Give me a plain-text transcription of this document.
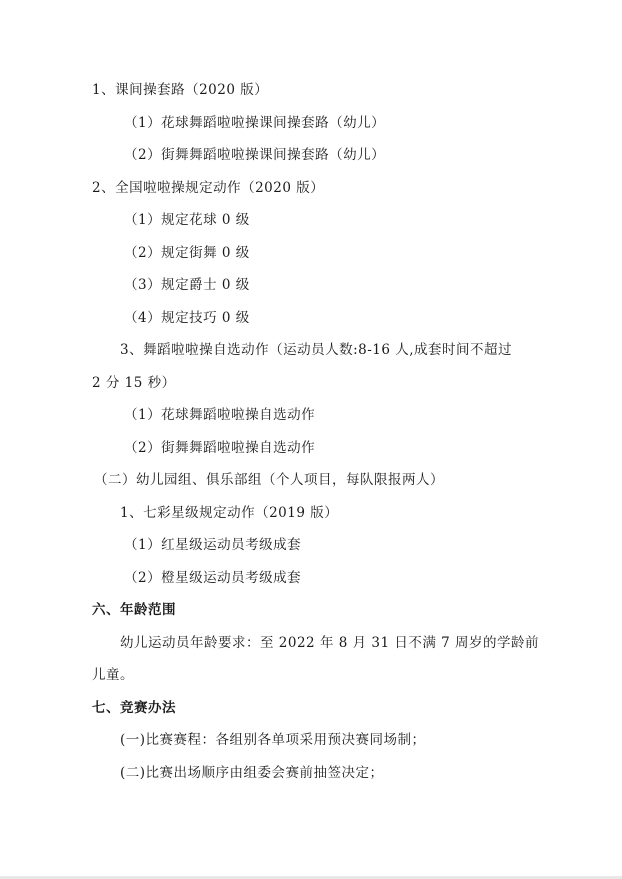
1、课间操套路（2020 版）
（1）花球舞蹈啦啦操课间操套路（幼儿）
（2）街舞舞蹈啦啦操课间操套路（幼儿）
2、全国啦啦操规定动作（2020 版）
（1）规定花球 0 级
（2）规定街舞 0 级
（3）规定爵士 0 级
（4）规定技巧 0 级
3、舞蹈啦啦操自选动作（运动员人数:8-16 人,成套时间不超过
2 分 15 秒）
（1）花球舞蹈啦啦操自选动作
（2）街舞舞蹈啦啦操自选动作
（二）幼儿园组、俱乐部组（个人项目，每队限报两人）
1、七彩星级规定动作（2019 版）
（1）红星级运动员考级成套
（2）橙星级运动员考级成套
六、年龄范围
幼儿运动员年龄要求：至 2022 年 8 月 31 日不满 7 周岁的学龄前
儿童。
七、竞赛办法
(一)比赛赛程：各组别各单项采用预决赛同场制；
(二)比赛出场顺序由组委会赛前抽签决定；
